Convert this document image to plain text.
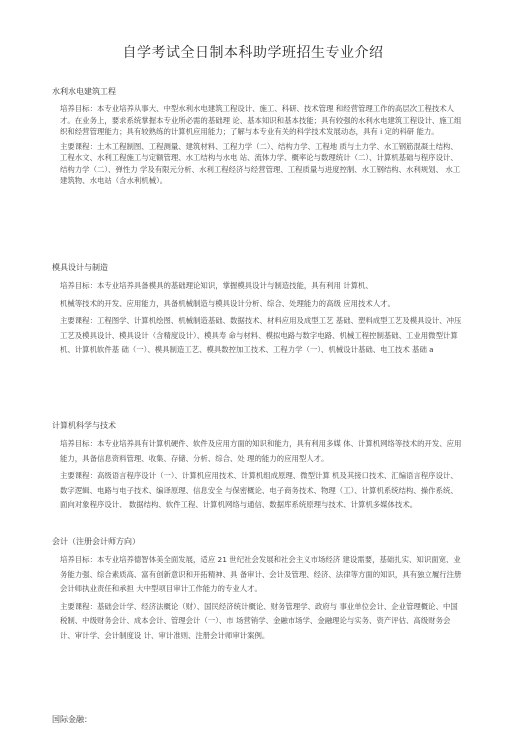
自学考试全日制本科助学班招生专业介绍
水利水电建筑工程

培养目标：本专业培养从事大、中型水利水电建筑工程设计、施工、科研、技术管理 和经营管理工作的高层次工程技术人才。在业务上，要求系统掌握本专业所必需的基础理 论、基本知识和基本技能；具有较强的水利水电建筑工程设计、施工组织和经营管理能力；具有较熟练的计算机应用能力；了解与本专业有关的科学技术发展动态，具有 i 定的科研 能力。

主要课程：土木工程制图、工程测量、建筑材料、工程力学（二）、结构力学、工程地 质与土力学、水工钢筋混凝土结构、工程水文、水利工程施工与定额管理、水工结构与水电 站、流体力学、概率论与数理统计（二）、计算机基础与程序设计、结构力学（二）、弹性力 学及有限元分析、水利工程经济与经营管理、工程质量与进度控制、水工钢结构、水利规划、 水工建筑物、水电站（含水利机械）。

模具设计与制造

培养目标：本专业培养具备模具的基础理论知识，掌握模具设计与制造技能，具有利用 计算机、

机械等技术的开发、应用能力，具备机械制造与模具设计分析、综合、处理能力的高级 应用技术人才。

主要课程：工程图学、计算机绘图、机械制造基础、数据技术、材料应用及成型工艺 基础、塑料成型工艺及模具设计、冲压工艺及模具设计、模具设计（含精度设计）、模具寿 命与材料、模拟电路与数字电路、机械工程控制基础、工业用微型计算机、计算机软件基 础（一）、模具制造工艺、模具数控加工技术、工程力学（一）、机械设计基础、电工技术 基础 a

计算机科学与技术

培养目标：本专业培养具有计算机硬件、软件及应用方面的知识和能力，具有利用多媒 体、计算机网络等技术的开发、应用能力，具备信息资料管理、收集、存储、分析、综合、处 理的能力的应用型人才。

主要课程：高级语言程序设计（一）、计算机应用技术、计算机组成原理、微型计算 机及其接口技术、汇编语言程序设计、数字逻辑、电路与电子技术、编译原理、信息安全 与保密概论、电子商务技术、物理（工）、计算机系统结构、操作系统、面向对象程序设计、 数据结构、软件工程、计算机网络与通信、数据库系统原理与技术、计算机多媒体技术。

会计（注册会计师方向）

培养目标：本专业培养德智体美全面发展，适应 21 世纪社会发展和社会主义市场经济 建设需要，基础扎实、知识面宽、业务能力强、综合素质高、富有创新意识和开拓精神、具 备审计、会计及管理、经济、法律等方面的知识，具有独立履行注册会计师执业责任和承担 大中型项目审计工作能力的专业人才。

主要课程：基础会计学、经济法概论（财）、国民经济统计概论、财务管理学、政府与 事业单位会计、企业管理概论、中国税制、中级财务会计、成本会计、管理会计（一）、市 场营销学、金融市场学、金融理论与实务、资产评估、高级财务会计、审计学、会计制度设 计、审计准则、注册会计师审计案例。

国际金融：
